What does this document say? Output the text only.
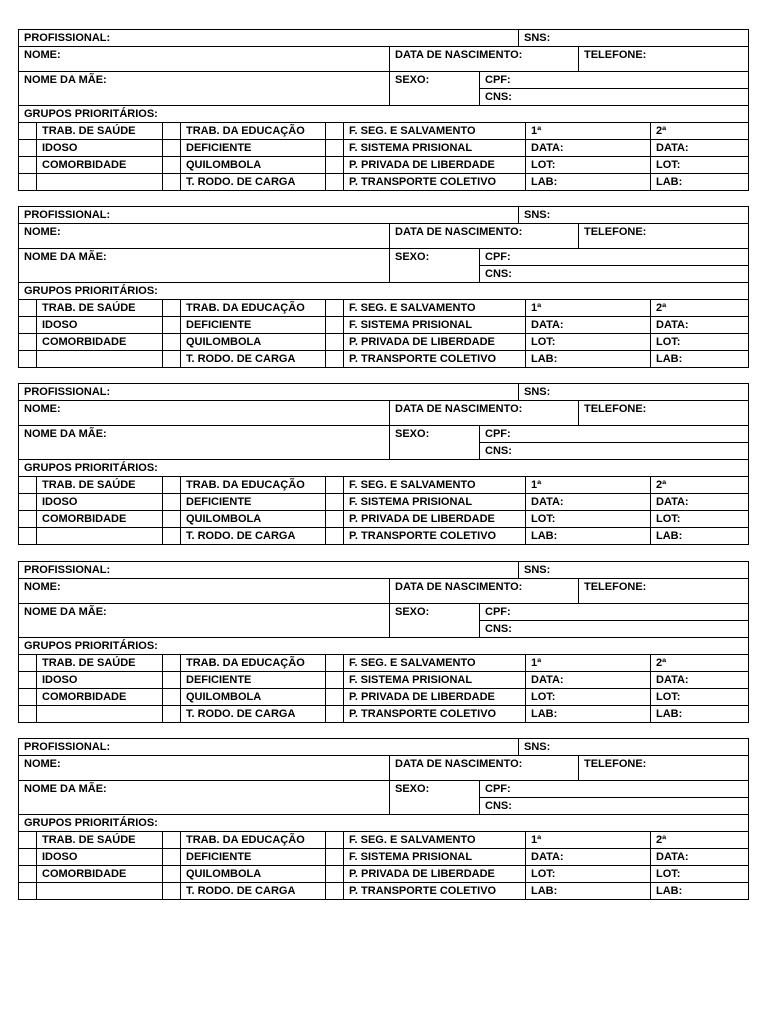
PROFISSIONAL:	SNS:
NOME:	DATA DE NASCIMENTO:	TELEFONE:
NOME DA MÃE:	SEXO:	CPF:
CNS:
GRUPOS PRIORITÁRIOS:
TRAB. DE SAÚDE	TRAB. DA EDUCAÇÃO	F. SEG. E SALVAMENTO	1ª	2ª
IDOSO	DEFICIENTE	F. SISTEMA PRISIONAL	DATA:	DATA:
COMORBIDADE	QUILOMBOLA	P. PRIVADA DE LIBERDADE	LOT:	LOT:
T. RODO. DE CARGA	P. TRANSPORTE COLETIVO	LAB:	LAB:
PROFISSIONAL:	SNS:
NOME:	DATA DE NASCIMENTO:	TELEFONE:
NOME DA MÃE:	SEXO:	CPF:
CNS:
GRUPOS PRIORITÁRIOS:
TRAB. DE SAÚDE	TRAB. DA EDUCAÇÃO	F. SEG. E SALVAMENTO	1ª	2ª
IDOSO	DEFICIENTE	F. SISTEMA PRISIONAL	DATA:	DATA:
COMORBIDADE	QUILOMBOLA	P. PRIVADA DE LIBERDADE	LOT:	LOT:
T. RODO. DE CARGA	P. TRANSPORTE COLETIVO	LAB:	LAB:
PROFISSIONAL:	SNS:
NOME:	DATA DE NASCIMENTO:	TELEFONE:
NOME DA MÃE:	SEXO:	CPF:
CNS:
GRUPOS PRIORITÁRIOS:
TRAB. DE SAÚDE	TRAB. DA EDUCAÇÃO	F. SEG. E SALVAMENTO	1ª	2ª
IDOSO	DEFICIENTE	F. SISTEMA PRISIONAL	DATA:	DATA:
COMORBIDADE	QUILOMBOLA	P. PRIVADA DE LIBERDADE	LOT:	LOT:
T. RODO. DE CARGA	P. TRANSPORTE COLETIVO	LAB:	LAB:
PROFISSIONAL:	SNS:
NOME:	DATA DE NASCIMENTO:	TELEFONE:
NOME DA MÃE:	SEXO:	CPF:
CNS:
GRUPOS PRIORITÁRIOS:
TRAB. DE SAÚDE	TRAB. DA EDUCAÇÃO	F. SEG. E SALVAMENTO	1ª	2ª
IDOSO	DEFICIENTE	F. SISTEMA PRISIONAL	DATA:	DATA:
COMORBIDADE	QUILOMBOLA	P. PRIVADA DE LIBERDADE	LOT:	LOT:
T. RODO. DE CARGA	P. TRANSPORTE COLETIVO	LAB:	LAB:
PROFISSIONAL:	SNS:
NOME:	DATA DE NASCIMENTO:	TELEFONE:
NOME DA MÃE:	SEXO:	CPF:
CNS:
GRUPOS PRIORITÁRIOS:
TRAB. DE SAÚDE	TRAB. DA EDUCAÇÃO	F. SEG. E SALVAMENTO	1ª	2ª
IDOSO	DEFICIENTE	F. SISTEMA PRISIONAL	DATA:	DATA:
COMORBIDADE	QUILOMBOLA	P. PRIVADA DE LIBERDADE	LOT:	LOT:
T. RODO. DE CARGA	P. TRANSPORTE COLETIVO	LAB:	LAB:
